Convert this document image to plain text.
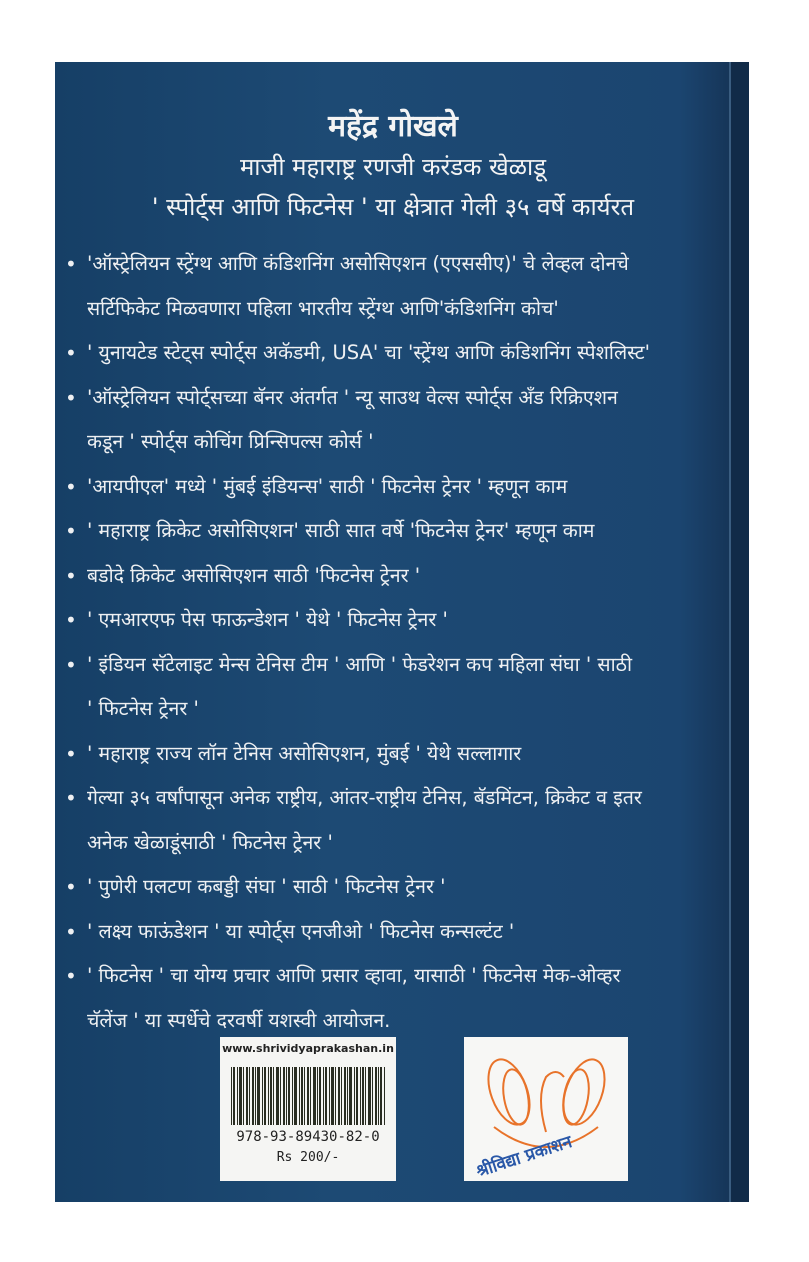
महेंद्र गोखले
माजी महाराष्ट्र रणजी करंडक खेळाडू
' स्पोर्ट्स आणि फिटनेस ' या क्षेत्रात गेली ३५ वर्षे कार्यरत
• 'ऑस्ट्रेलियन स्ट्रेंग्थ आणि कंडिशनिंग असोसिएशन (एएससीए)' चे लेव्हल दोनचे
सर्टिफिकेट मिळवणारा पहिला भारतीय स्ट्रेंग्थ आणि'कंडिशनिंग कोच'
• ' युनायटेड स्टेट्स स्पोर्ट्स अकॅडमी, USA' चा 'स्ट्रेंग्थ आणि कंडिशनिंग स्पेशलिस्ट'
• 'ऑस्ट्रेलियन स्पोर्ट्सच्या बॅनर अंतर्गत ' न्यू साउथ वेल्स स्पोर्ट्स अँड रिक्रिएशन
कडून ' स्पोर्ट्स कोचिंग प्रिन्सिपल्स कोर्स '
• 'आयपीएल' मध्ये ' मुंबई इंडियन्स' साठी ' फिटनेस ट्रेनर ' म्हणून काम
• ' महाराष्ट्र क्रिकेट असोसिएशन' साठी सात वर्षे 'फिटनेस ट्रेनर' म्हणून काम
• बडोदे क्रिकेट असोसिएशन साठी 'फिटनेस ट्रेनर '
• ' एमआरएफ पेस फाऊन्डेशन ' येथे ' फिटनेस ट्रेनर '
• ' इंडियन सॅटेलाइट मेन्स टेनिस टीम ' आणि ' फेडरेशन कप महिला संघा ' साठी
' फिटनेस ट्रेनर '
• ' महाराष्ट्र राज्य लॉन टेनिस असोसिएशन, मुंबई ' येथे सल्लागार
• गेल्या ३५ वर्षांपासून अनेक राष्ट्रीय, आंतर-राष्ट्रीय टेनिस, बॅडमिंटन, क्रिकेट व इतर
अनेक खेळाडूंसाठी ' फिटनेस ट्रेनर '
• ' पुणेरी पलटण कबड्डी संघा ' साठी ' फिटनेस ट्रेनर '
• ' लक्ष्य फाऊंडेशन ' या स्पोर्ट्स एनजीओ ' फिटनेस कन्सल्टंट '
• ' फिटनेस ' चा योग्य प्रचार आणि प्रसार व्हावा, यासाठी ' फिटनेस मेक-ओव्हर
चॅलेंज ' या स्पर्धेचे दरवर्षी यशस्वी आयोजन.
www.shrividyaprakashan.in
978-93-89430-82-0
Rs 200/-	श्रीविद्या प्रकाशन
